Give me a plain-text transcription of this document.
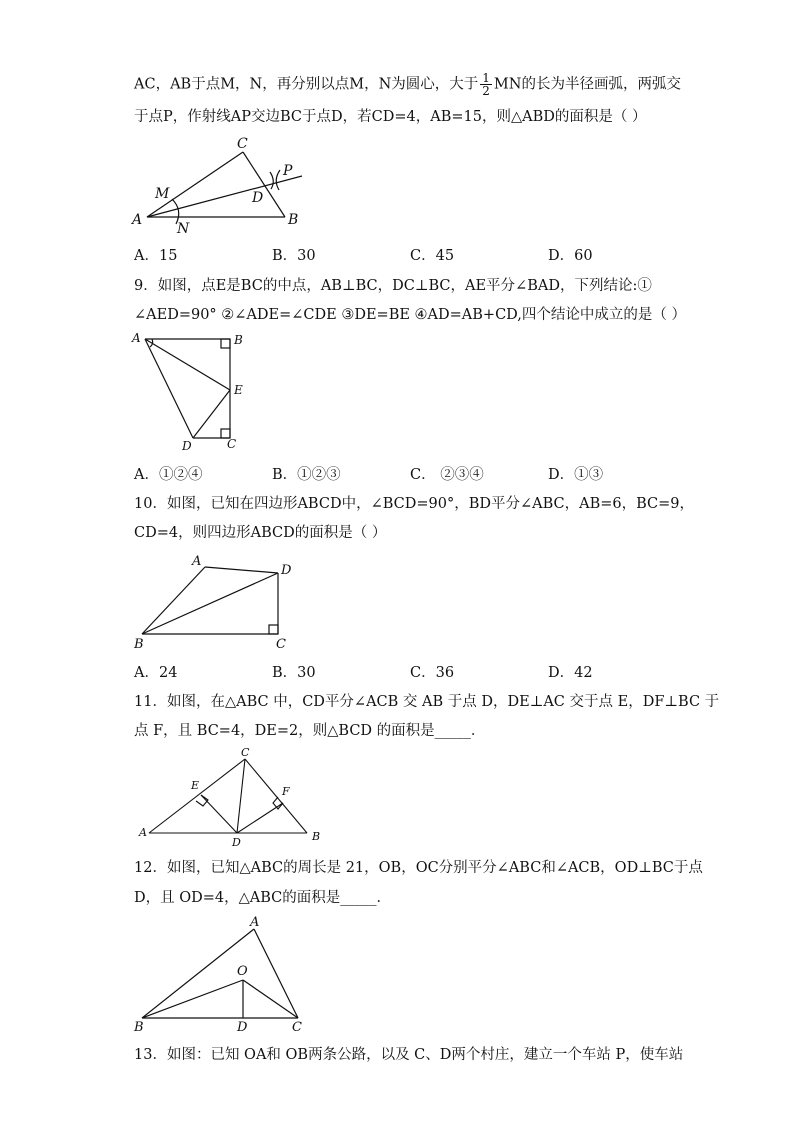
AC，AB于点M，N，再分别以点M，N为圆心，大于 $\frac{1}{2}$ MN的长为半径画弧，两弧交
于点P，作射线AP交边BC于点D，若CD=4，AB=15，则△ABD的面积是（ ）
A	B
C
D
M
N
P
A．15	B．30	C．45	D．60
9．如图，点E是BC的中点，AB⊥BC，DC⊥BC，AE平分∠BAD，下列结论:①
∠AED=90° ②∠ADE=∠CDE ③DE=BE ④AD=AB+CD,四个结论中成立的是（ ）
A	B
C
D
E
A．①②④	B．①②③	C． ②③④	D．①③
10．如图，已知在四边形ABCD中，∠BCD=90°，BD平分∠ABC，AB=6，BC=9，
CD=4，则四边形ABCD的面积是（ ）
A
B	C
D
A．24	B．30	C．36	D．42
11．如图，在△ABC 中，CD平分∠ACB 交 AB 于点 D，DE⊥AC 交于点 E，DF⊥BC 于
点 F，且 BC=4，DE=2，则△BCD 的面积是_____．
A	B
C
D
E	F
12．如图，已知△ABC的周长是 21，OB，OC分别平分∠ABC和∠ACB，OD⊥BC于点
D，且 OD=4，△ABC的面积是_____．
A
B	C
D
O
13．如图：已知 OA和 OB两条公路，以及 C、D两个村庄，建立一个车站 P，使车站
